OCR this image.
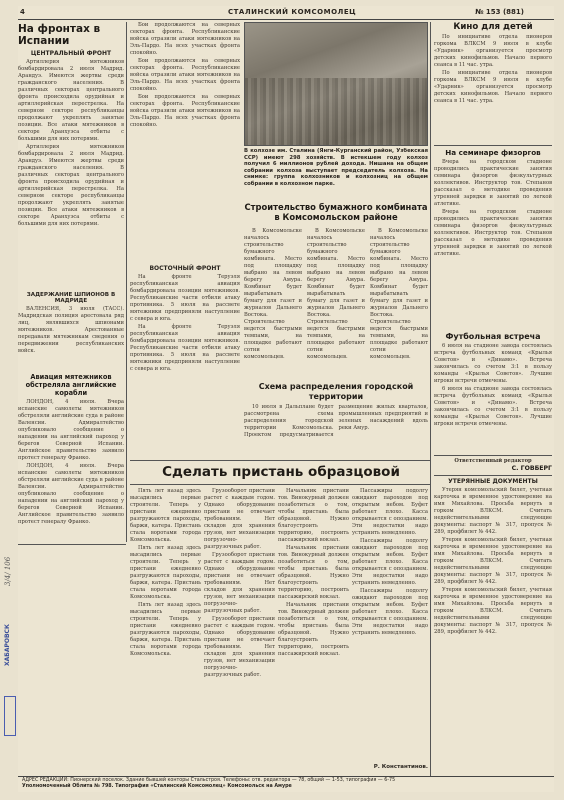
4	СТАЛИНСКИЙ КОМСОМОЛЕЦ	№ 153 (881)
На фронтах в Испании
ЦЕНТРАЛЬНЫЙ ФРОНТ

Артиллерия мятежников бомбардировала 2 июля Мадрид. Арандуэ. Имеются жертвы среди гражданского населения. В различных секторах центрального фронта происходила орудийная и артиллерийская перестрелка. На северном секторе республиканцы продолжают укреплять занятые позиции. Все атаки мятежников в секторе Аранхуэса отбиты с большими для них потерями.

Артиллерия мятежников бомбардировала 2 июля Мадрид. Арандуэ. Имеются жертвы среди гражданского населения. В различных секторах центрального фронта происходила орудийная и артиллерийская перестрелка. На северном секторе республиканцы продолжают укреплять занятые позиции. Все атаки мятежников в секторе Аранхуэса отбиты с большими для них потерями.

ЗАДЕРЖАНИЕ ШПИОНОВ В МАДРИДЕ

ВАЛЕНСИЯ, 3 июля (ТАСС). Мадридская полиция арестовала ряд лиц, являвшихся шпионами мятежников. Арестованные передавали мятежникам сведения о передвижении республиканских войск.

Авиация мятежников обстреляла английские корабли

ЛОНДОН, 4 июля. Вчера испанские самолеты мятежников обстреляли английские суда в районе Валенсии. Адмиралтейство опубликовало сообщение о нападении на английский пароход у берегов Северной Испании. Английское правительство заявило протест генералу Франко.

ЛОНДОН, 4 июля. Вчера испанские самолеты мятежников обстреляли английские суда в районе Валенсии. Адмиралтейство опубликовало сообщение о нападении на английский пароход у берегов Северной Испании. Английское правительство заявило протест генералу Франко.

Бои продолжаются на северных секторах фронта. Республиканские войска отразили атаки мятежников на Эль-Пардо. На всех участках фронта спокойно.

Бои продолжаются на северных секторах фронта. Республиканские войска отразили атаки мятежников на Эль-Пардо. На всех участках фронта спокойно.

Бои продолжаются на северных секторах фронта. Республиканские войска отразили атаки мятежников на Эль-Пардо. На всех участках фронта спокойно.

ВОСТОЧНЫЙ ФРОНТ

На фронте Теруэля республиканская авиация бомбардировала позиции мятежников. Республиканские части отбили атаку противника. 5 июля на рассвете мятежники предприняли наступление с севера и юга.

На фронте Теруэля республиканская авиация бомбардировала позиции мятежников. Республиканские части отбили атаку противника. 5 июля на рассвете мятежники предприняли наступление с севера и юга.

В колхозе им. Сталина (Янги-Курганский район, Узбекская ССР) имеют 298 хозяйств. В истекшем году колхоз получил 6 миллионов рублей дохода. Нишана на общем собрании колхоза выступает председатель колхоза. На снимке: группа колхозников и колхозниц на общем собрании в колхозном парке.
Строительство бумажного комбината в Комсомольском районе

В Комсомольске началось строительство бумажного комбината. Место под площадку выбрано на левом берегу Амура. Комбинат будет вырабатывать бумагу для газет и журналов Дальнего Востока. Строительство ведется быстрыми темпами, на площадке работают сотни комсомольцев.

В Комсомольске началось строительство бумажного комбината. Место под площадку выбрано на левом берегу Амура. Комбинат будет вырабатывать бумагу для газет и журналов Дальнего Востока. Строительство ведется быстрыми темпами, на площадке работают сотни комсомольцев.

В Комсомольске началось строительство бумажного комбината. Место под площадку выбрано на левом берегу Амура. Комбинат будет вырабатывать бумагу для газет и журналов Дальнего Востока. Строительство ведется быстрыми темпами, на площадке работают сотни комсомольцев.

Схема распределения городской территории

10 июля в Дальплане будет рассмотрена схема распределения городской территории Комсомольска. Проектом предусматривается размещение жилых кварталов, промышленных предприятий и зеленых насаждений вдоль реки Амур.

Кино для детей

По инициативе отдела пионеров горкома ВЛКСМ 9 июля в клубе «Ударник» организуется просмотр детских кинофильмов. Начало первого сеанса в 11 час. утра.

По инициативе отдела пионеров горкома ВЛКСМ 9 июля в клубе «Ударник» организуется просмотр детских кинофильмов. Начало первого сеанса в 11 час. утра.

На семинаре физоргов

Вчера на городском стадионе проводились практические занятия семинара физоргов физкультурных коллективов. Инструктор тов. Степанов рассказал о методике проведения утренней зарядки и занятий по легкой атлетике.

Вчера на городском стадионе проводились практические занятия семинара физоргов физкультурных коллективов. Инструктор тов. Степанов рассказал о методике проведения утренней зарядки и занятий по легкой атлетике.

Футбольная встреча

6 июля на стадионе завода состоялась встреча футбольных команд «Крылья Советов» и «Динамо». Встреча закончилась со счетом 3:1 в пользу команды «Крылья Советов». Лучшие игроки встречи отмечены.

6 июля на стадионе завода состоялась встреча футбольных команд «Крылья Советов» и «Динамо». Встреча закончилась со счетом 3:1 в пользу команды «Крылья Советов». Лучшие игроки встречи отмечены.

Ответственный редактор
С. ГОВБЕРГ
УТЕРЯННЫЕ ДОКУМЕНТЫ

Утерян комсомольский билет, учетная карточка и временное удостоверение на имя Михайлова. Просьба вернуть в горком ВЛКСМ. Считать недействительными следующие документы: паспорт № 317, пропуск № 289, профбилет № 442.

Утерян комсомольский билет, учетная карточка и временное удостоверение на имя Михайлова. Просьба вернуть в горком ВЛКСМ. Считать недействительными следующие документы: паспорт № 317, пропуск № 289, профбилет № 442.

Утерян комсомольский билет, учетная карточка и временное удостоверение на имя Михайлова. Просьба вернуть в горком ВЛКСМ. Считать недействительными следующие документы: паспорт № 317, пропуск № 289, профбилет № 442.

Сделать пристань образцовой

Пять лет назад здесь высадились первые строители. Теперь у пристани ежедневно разгружаются пароходы, баржи, катера. Пристань стала воротами города Комсомольска.

Пять лет назад здесь высадились первые строители. Теперь у пристани ежедневно разгружаются пароходы, баржи, катера. Пристань стала воротами города Комсомольска.

Пять лет назад здесь высадились первые строители. Теперь у пристани ежедневно разгружаются пароходы, баржи, катера. Пристань стала воротами города Комсомольска.

Грузооборот пристани растет с каждым годом. Однако оборудование пристани не отвечает требованиям. Нет складов для хранения грузов, нет механизации погрузочно-разгрузочных работ.

Грузооборот пристани растет с каждым годом. Однако оборудование пристани не отвечает требованиям. Нет складов для хранения грузов, нет механизации погрузочно-разгрузочных работ.

Грузооборот пристани растет с каждым годом. Однако оборудование пристани не отвечает требованиям. Нет складов для хранения грузов, нет механизации погрузочно-разгрузочных работ.

Начальник пристани тов. Винокурный должен позаботиться о том, чтобы пристань была образцовой. Нужно благоустроить территорию, построить пассажирский вокзал.

Начальник пристани тов. Винокурный должен позаботиться о том, чтобы пристань была образцовой. Нужно благоустроить территорию, построить пассажирский вокзал.

Начальник пристани тов. Винокурный должен позаботиться о том, чтобы пристань была образцовой. Нужно благоустроить территорию, построить пассажирский вокзал.

Пассажиры подолгу ожидают пароходов под открытым небом. Буфет работает плохо. Касса открывается с опозданием. Эти недостатки надо устранить немедленно.

Пассажиры подолгу ожидают пароходов под открытым небом. Буфет работает плохо. Касса открывается с опозданием. Эти недостатки надо устранить немедленно.

Пассажиры подолгу ожидают пароходов под открытым небом. Буфет работает плохо. Касса открывается с опозданием. Эти недостатки надо устранить немедленно.

Р. Константинов.
АДРЕС РЕДАКЦИИ: Пионерский поселок. Здание бывшей конторы Стальстроя. Телефоны: отв. редактора — 78, общий — 1-53, типография — 6-75
Уполномоченный Облита № 798. Типография «Сталинский Комсомолец» Комсомольск на Амуре
3/4/ 106
ХАБАРОВСК
